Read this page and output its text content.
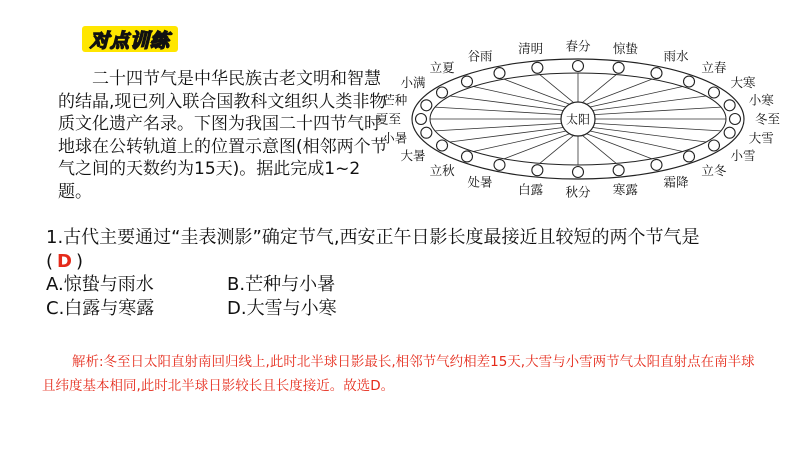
对点训练
二十四节气是中华民族古老文明和智慧的结晶,现已列入联合国教科文组织人类非物质文化遗产名录。下图为我国二十四节气时地球在公转轨道上的位置示意图(相邻两个节气之间的天数约为15天)。据此完成1~2题。
太阳	冬至
小寒
大寒
立春
雨水
惊蛰
春分
清明
谷雨
立夏
小满
芒种
夏至
小暑
大暑
立秋
处暑 白露 秋分 寒露 霜降
立冬
小雪
大雪
1.古代主要通过“圭表测影”确定节气,西安正午日影长度最接近且较短的两个节气是
( D )
A.惊蛰与雨水	B.芒种与小暑
C.白露与寒露	D.大雪与小寒
解析:冬至日太阳直射南回归线上,此时北半球日影最长,相邻节气约相差15天,大雪与小雪两节气太阳直射点在南半球且纬度基本相同,此时北半球日影较长且长度接近。故选D。
